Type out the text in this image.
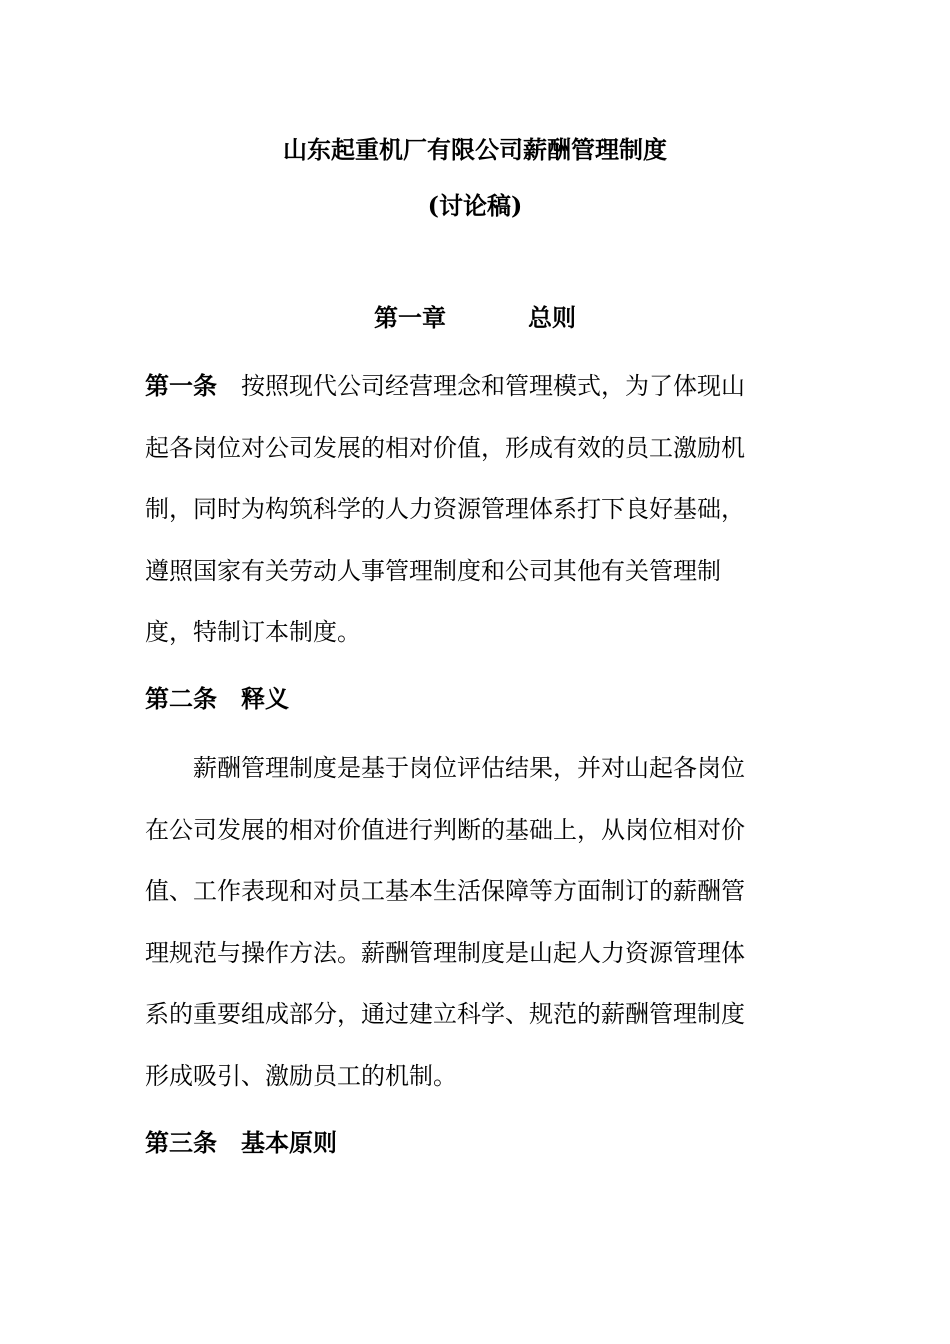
山东起重机厂有限公司薪酬管理制度
(讨论稿)
第一章	总则
第一条 按照现代公司经营理念和管理模式，为了体现山
起各岗位对公司发展的相对价值，形成有效的员工激励机
制，同时为构筑科学的人力资源管理体系打下良好基础，
遵照国家有关劳动人事管理制度和公司其他有关管理制
度，特制订本制度。
第二条 释义
薪酬管理制度是基于岗位评估结果，并对山起各岗位
在公司发展的相对价值进行判断的基础上，从岗位相对价
值、工作表现和对员工基本生活保障等方面制订的薪酬管
理规范与操作方法。薪酬管理制度是山起人力资源管理体
系的重要组成部分，通过建立科学、规范的薪酬管理制度
形成吸引、激励员工的机制。
第三条 基本原则
